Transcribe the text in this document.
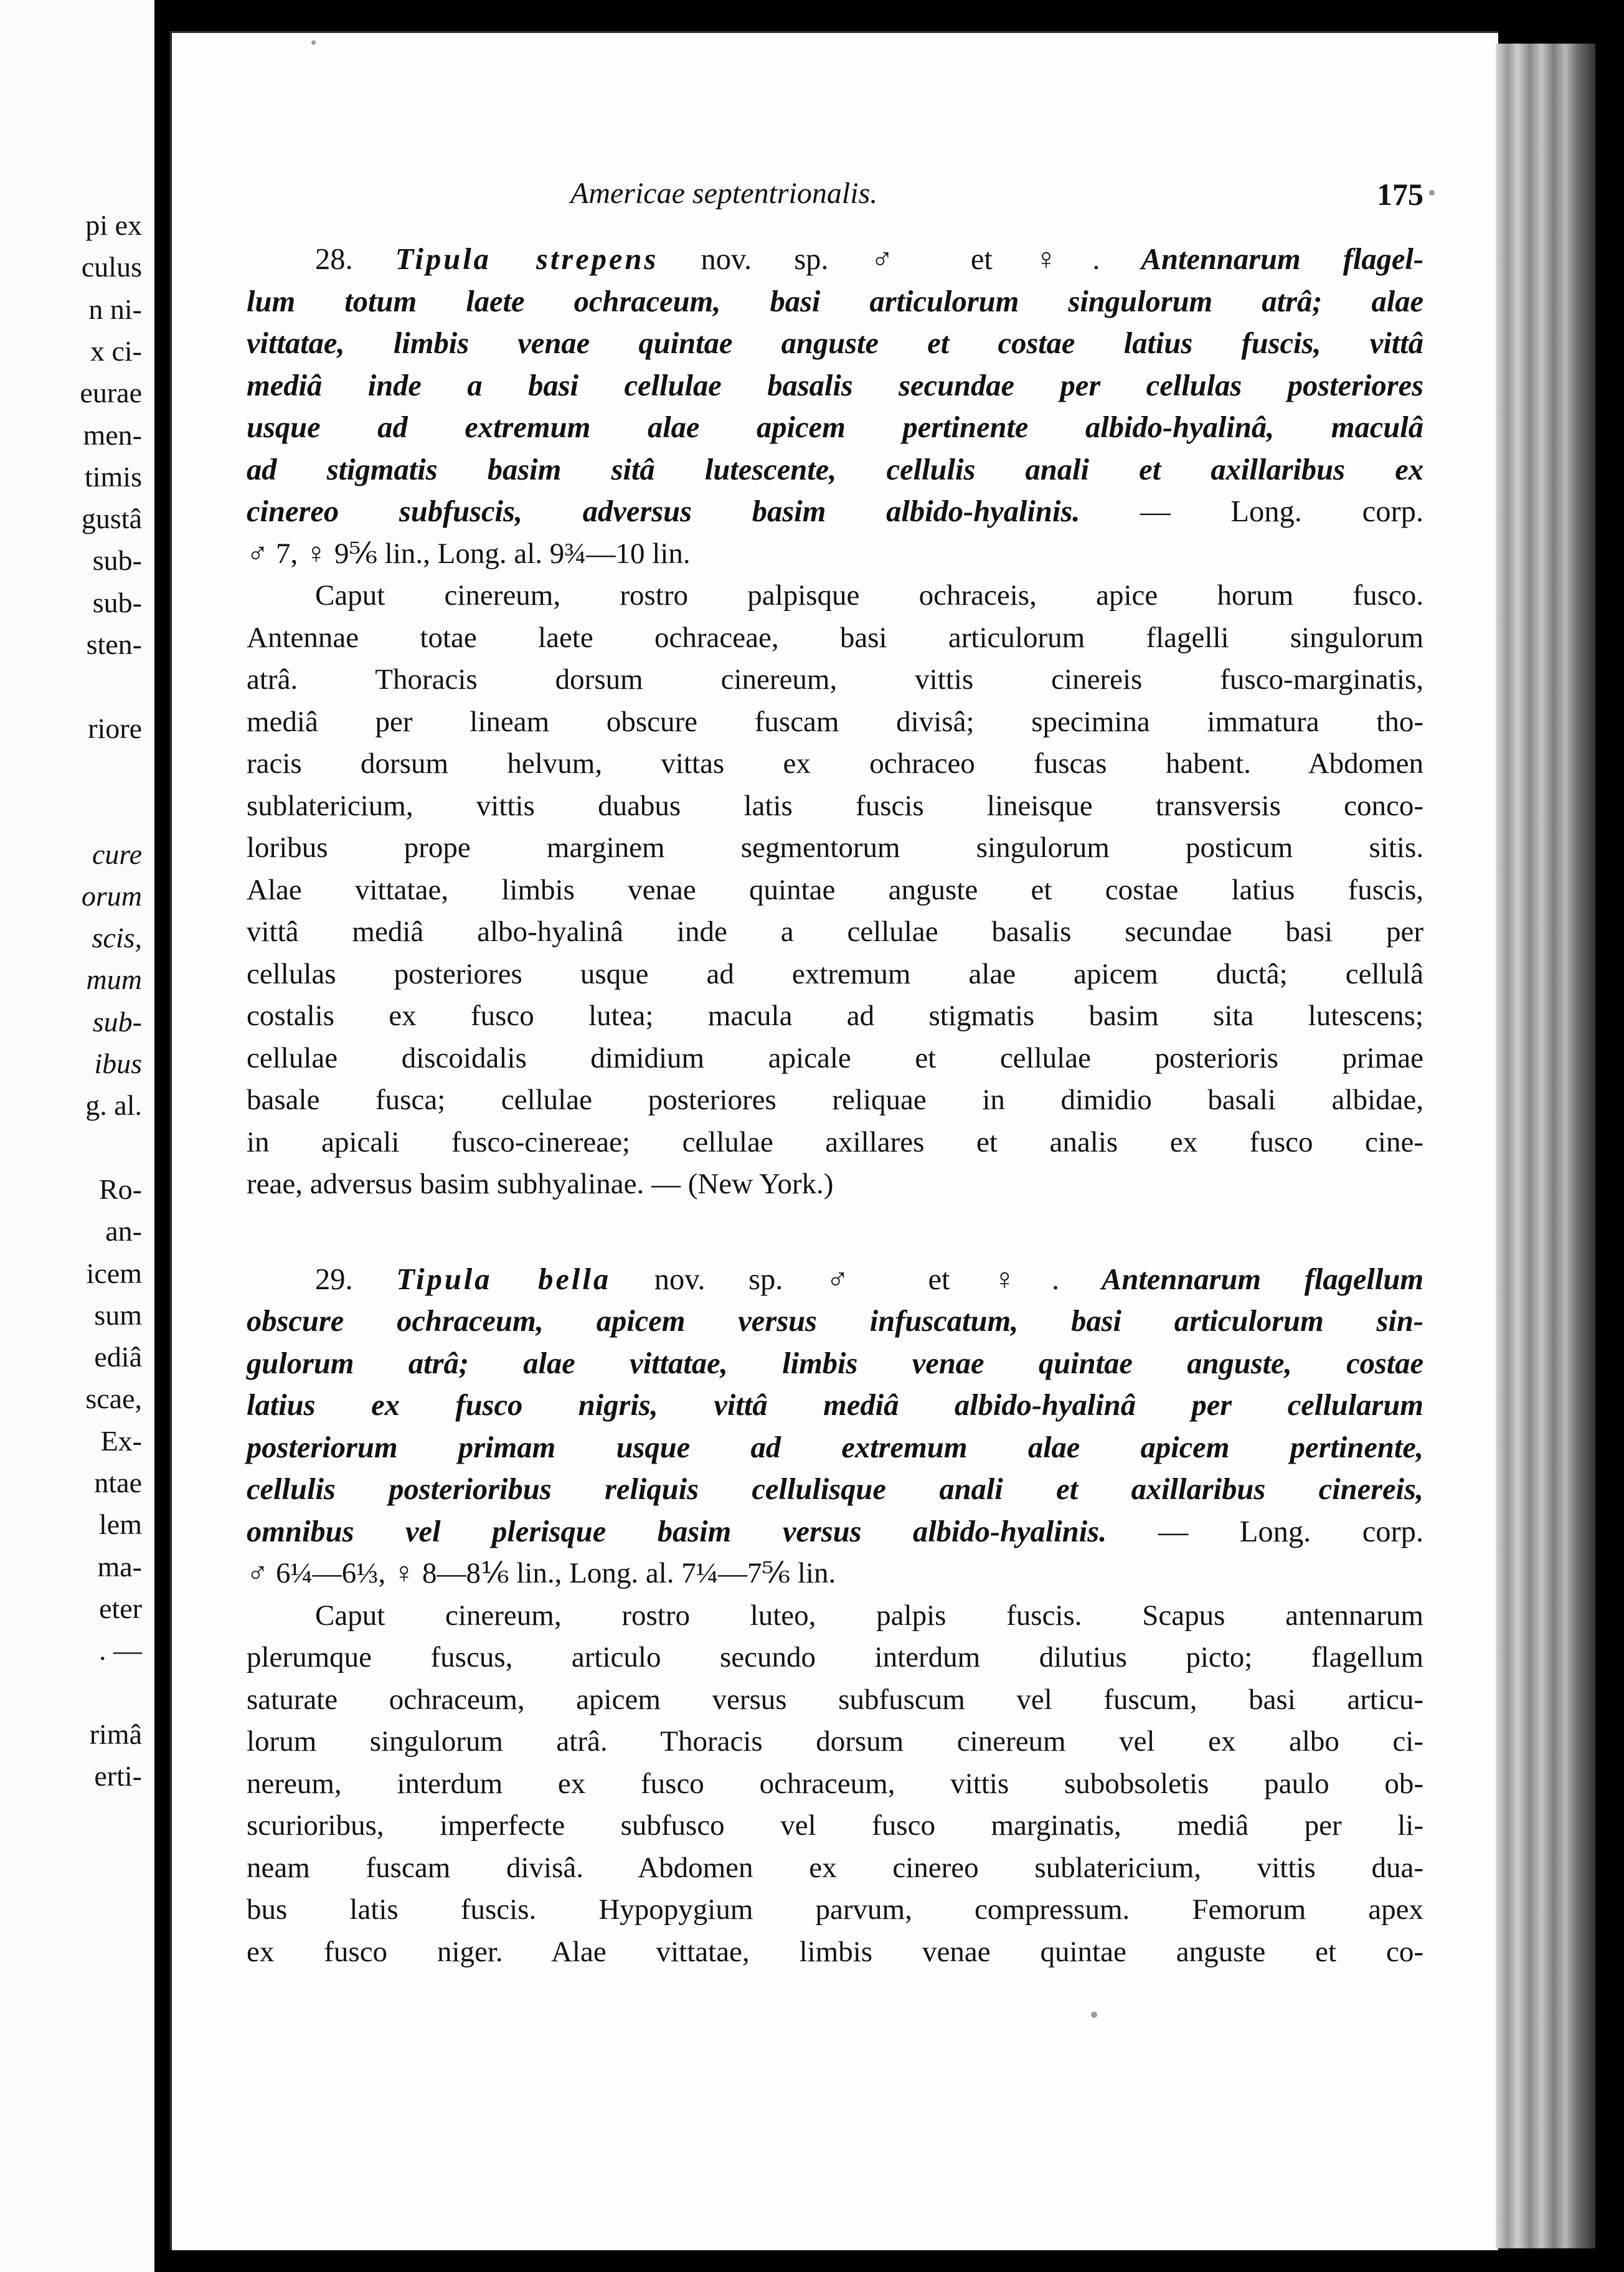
pi ex
culus
n ni-
x ci-
eurae
men-
timis
gustâ
sub-
sub-
sten-
riore
cure
orum
scis,
mum
sub-
ibus
g. al.
Ro-
an-
icem
sum
ediâ
scae,
Ex-
ntae
lem
ma-
eter
. —
rimâ
erti-
Americae septentrionalis.	175

28. Tipula strepens nov. sp. ♂ et ♀. Antennarum flagel-

lum totum laete ochraceum, basi articulorum singulorum atrâ; alae

vittatae, limbis venae quintae anguste et costae latius fuscis, vittâ

mediâ inde a basi cellulae basalis secundae per cellulas posteriores

usque ad extremum alae apicem pertinente albido-hyalinâ, maculâ

ad stigmatis basim sitâ lutescente, cellulis anali et axillaribus ex

cinereo subfuscis, adversus basim albido-hyalinis. — Long. corp.

♂ 7, ♀ 9⅚ lin., Long. al. 9¾—10 lin.

Caput cinereum, rostro palpisque ochraceis, apice horum fusco.

Antennae totae laete ochraceae, basi articulorum flagelli singulorum

atrâ. Thoracis dorsum cinereum, vittis cinereis fusco-marginatis,

mediâ per lineam obscure fuscam divisâ; specimina immatura tho-

racis dorsum helvum, vittas ex ochraceo fuscas habent. Abdomen

sublatericium, vittis duabus latis fuscis lineisque transversis conco-

loribus prope marginem segmentorum singulorum posticum sitis.

Alae vittatae, limbis venae quintae anguste et costae latius fuscis,

vittâ mediâ albo-hyalinâ inde a cellulae basalis secundae basi per

cellulas posteriores usque ad extremum alae apicem ductâ; cellulâ

costalis ex fusco lutea; macula ad stigmatis basim sita lutescens;

cellulae discoidalis dimidium apicale et cellulae posterioris primae

basale fusca; cellulae posteriores reliquae in dimidio basali albidae,

in apicali fusco-cinereae; cellulae axillares et analis ex fusco cine-

reae, adversus basim subhyalinae. — (New York.)

29. Tipula bella nov. sp. ♂ et ♀. Antennarum flagellum

obscure ochraceum, apicem versus infuscatum, basi articulorum sin-

gulorum atrâ; alae vittatae, limbis venae quintae anguste, costae

latius ex fusco nigris, vittâ mediâ albido-hyalinâ per cellularum

posteriorum primam usque ad extremum alae apicem pertinente,

cellulis posterioribus reliquis cellulisque anali et axillaribus cinereis,

omnibus vel plerisque basim versus albido-hyalinis. — Long. corp.

♂ 6¼—6⅓, ♀ 8—8⅙ lin., Long. al. 7¼—7⅚ lin.

Caput cinereum, rostro luteo, palpis fuscis. Scapus antennarum

plerumque fuscus, articulo secundo interdum dilutius picto; flagellum

saturate ochraceum, apicem versus subfuscum vel fuscum, basi articu-

lorum singulorum atrâ. Thoracis dorsum cinereum vel ex albo ci-

nereum, interdum ex fusco ochraceum, vittis subobsoletis paulo ob-

scurioribus, imperfecte subfusco vel fusco marginatis, mediâ per li-

neam fuscam divisâ. Abdomen ex cinereo sublatericium, vittis dua-

bus latis fuscis. Hypopygium parvum, compressum. Femorum apex

ex fusco niger. Alae vittatae, limbis venae quintae anguste et co-
